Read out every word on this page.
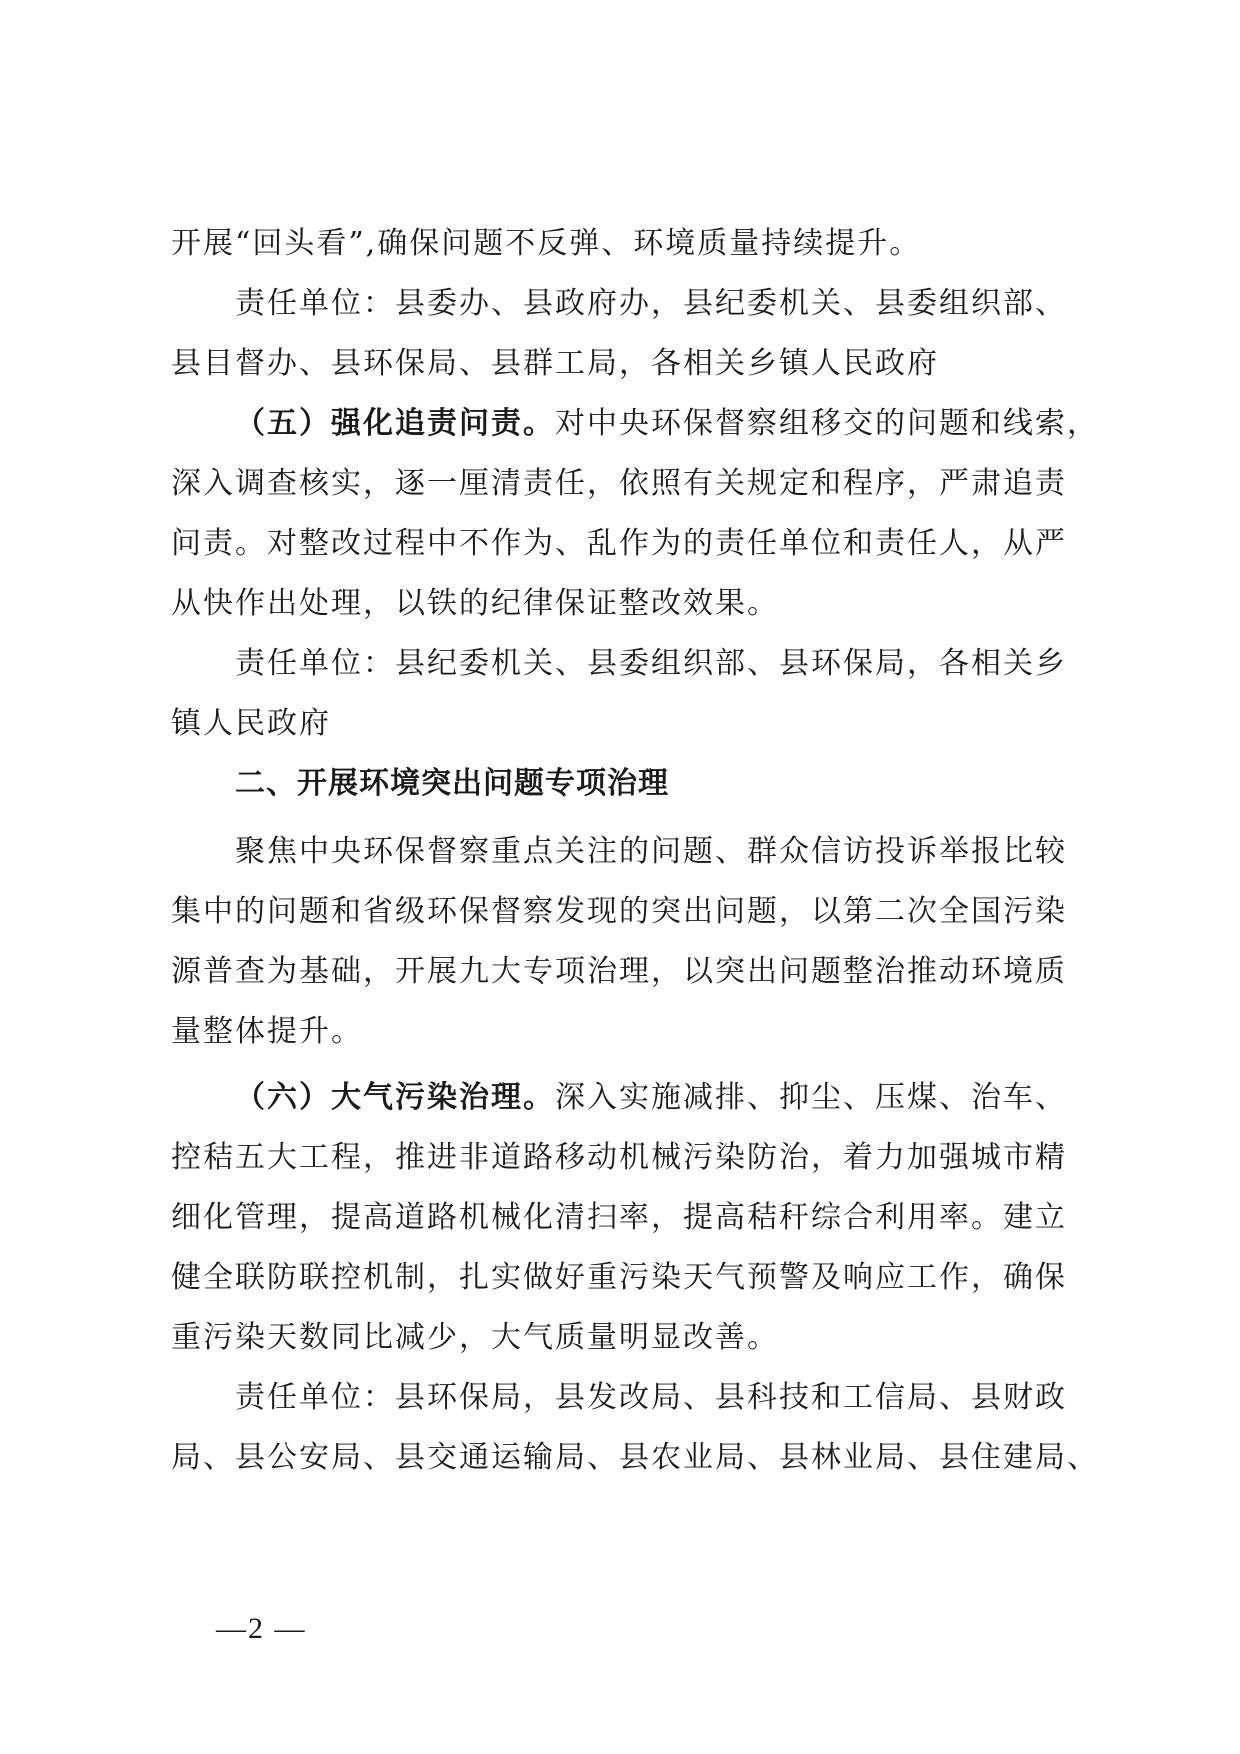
开展“回头看”,确保问题不反弹、环境质量持续提升。
责任单位：县委办、县政府办，县纪委机关、县委组织部、
县目督办、县环保局、县群工局，各相关乡镇人民政府
（五）强化追责问责。对中央环保督察组移交的问题和线索，
深入调查核实，逐一厘清责任，依照有关规定和程序，严肃追责
问责。对整改过程中不作为、乱作为的责任单位和责任人，从严
从快作出处理，以铁的纪律保证整改效果。
责任单位：县纪委机关、县委组织部、县环保局，各相关乡
镇人民政府
二、开展环境突出问题专项治理
聚焦中央环保督察重点关注的问题、群众信访投诉举报比较
集中的问题和省级环保督察发现的突出问题，以第二次全国污染
源普查为基础，开展九大专项治理，以突出问题整治推动环境质
量整体提升。
（六）大气污染治理。深入实施减排、抑尘、压煤、治车、
控秸五大工程，推进非道路移动机械污染防治，着力加强城市精
细化管理，提高道路机械化清扫率，提高秸秆综合利用率。建立
健全联防联控机制，扎实做好重污染天气预警及响应工作，确保
重污染天数同比减少，大气质量明显改善。
责任单位：县环保局，县发改局、县科技和工信局、县财政
局、县公安局、县交通运输局、县农业局、县林业局、县住建局、
—2 —
